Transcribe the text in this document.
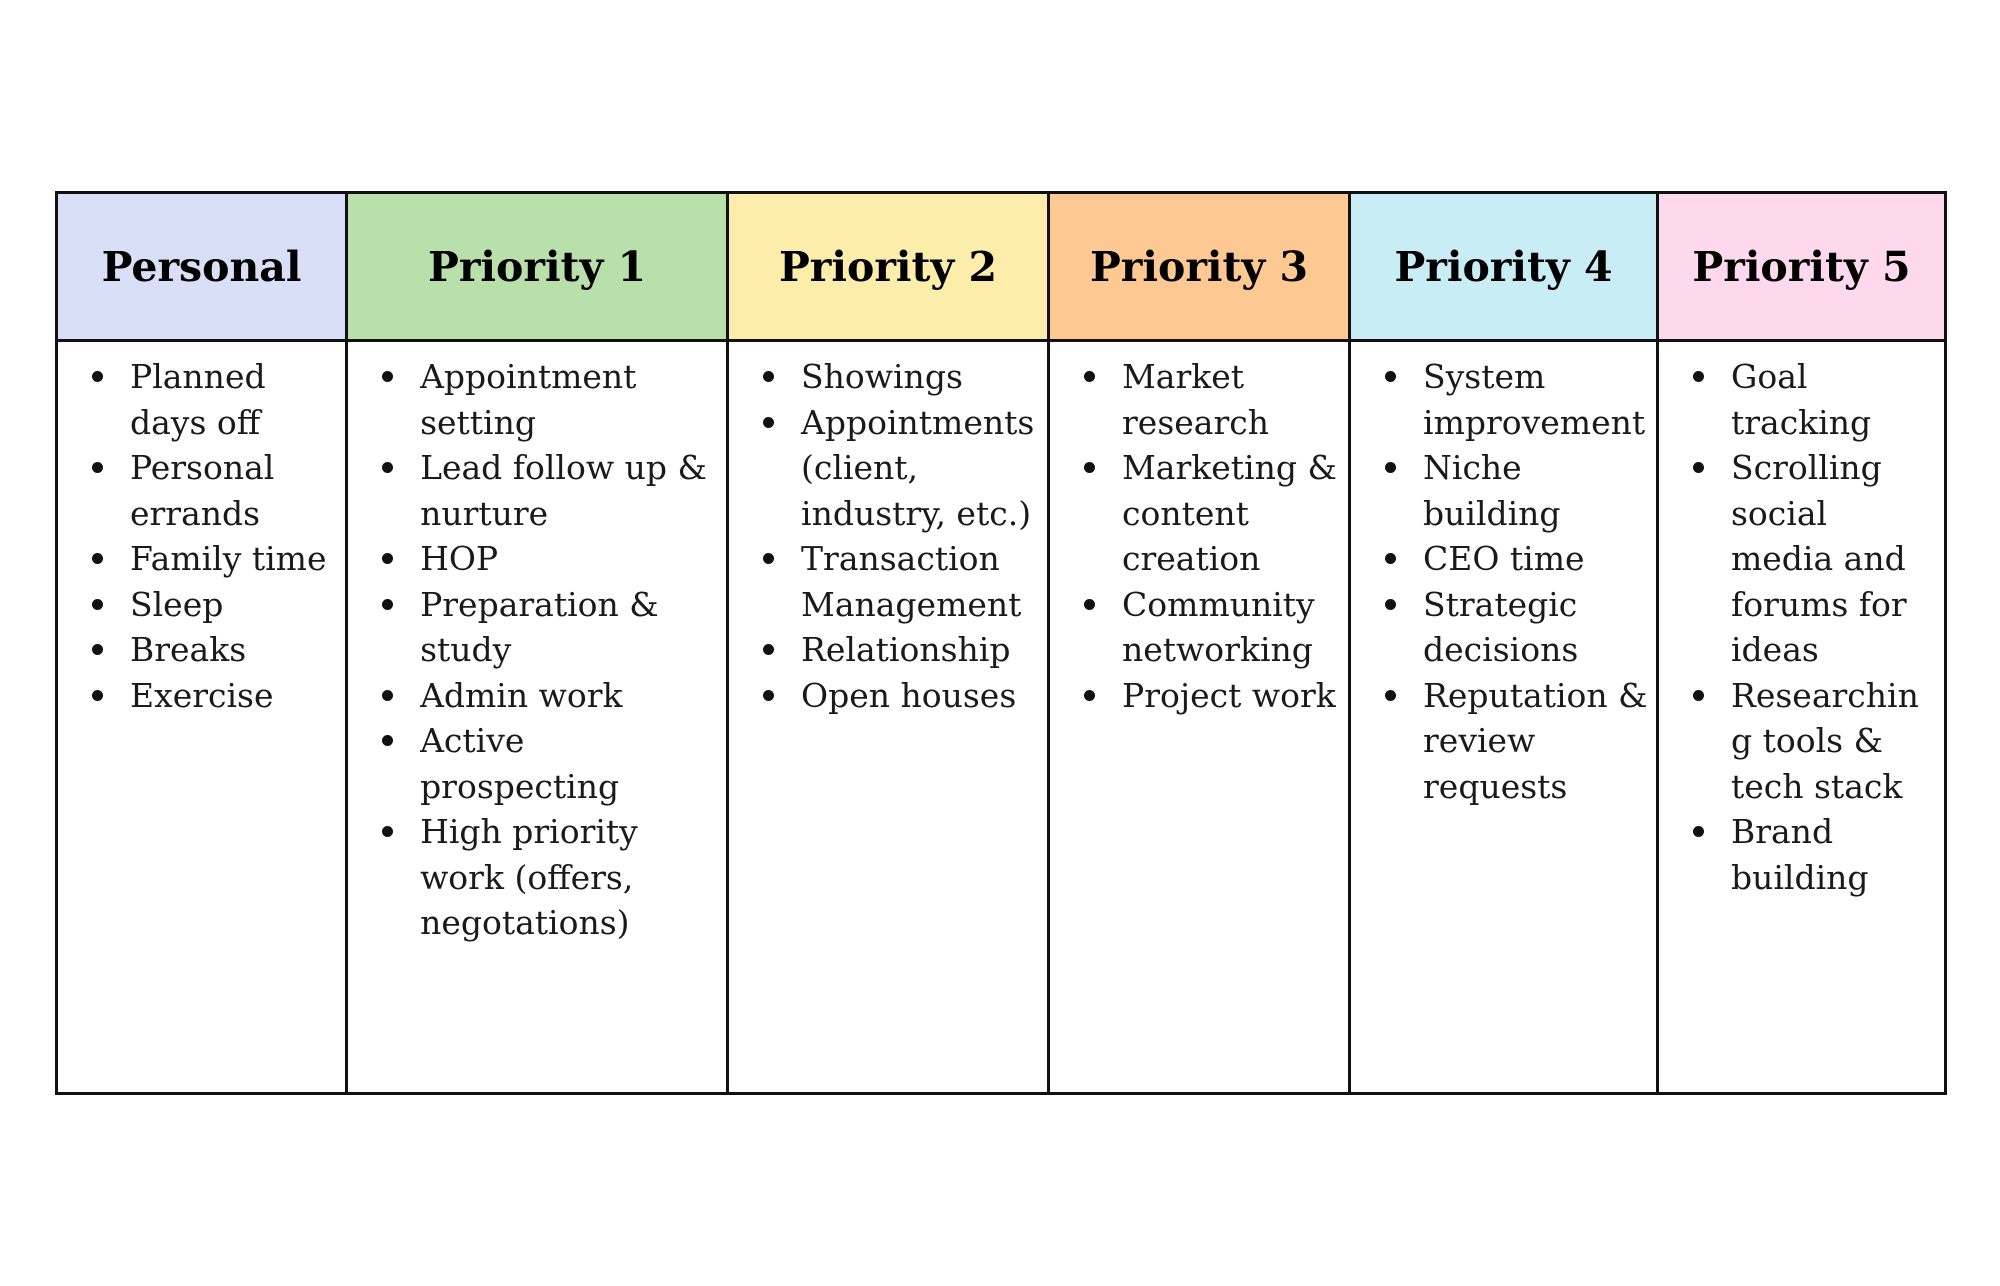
Personal
Planned days off
Personal errands
Family time
Sleep
Breaks
Exercise
Priority 1
Appointment setting
Lead follow up & nurture
HOP
Preparation & study
Admin work
Active prospecting
High priority work (offers, negotations)
Priority 2
Showings
Appointments (client, industry, etc.)
Transaction Management
Relationship
Open houses
Priority 3
Market research
Marketing & content creation
Community networking
Project work
Priority 4
System improvement
Niche building
CEO time
Strategic decisions
Reputation & review requests
Priority 5
Goal tracking
Scrolling social media and forums for ideas
Researching tools & tech stack
Brand building
